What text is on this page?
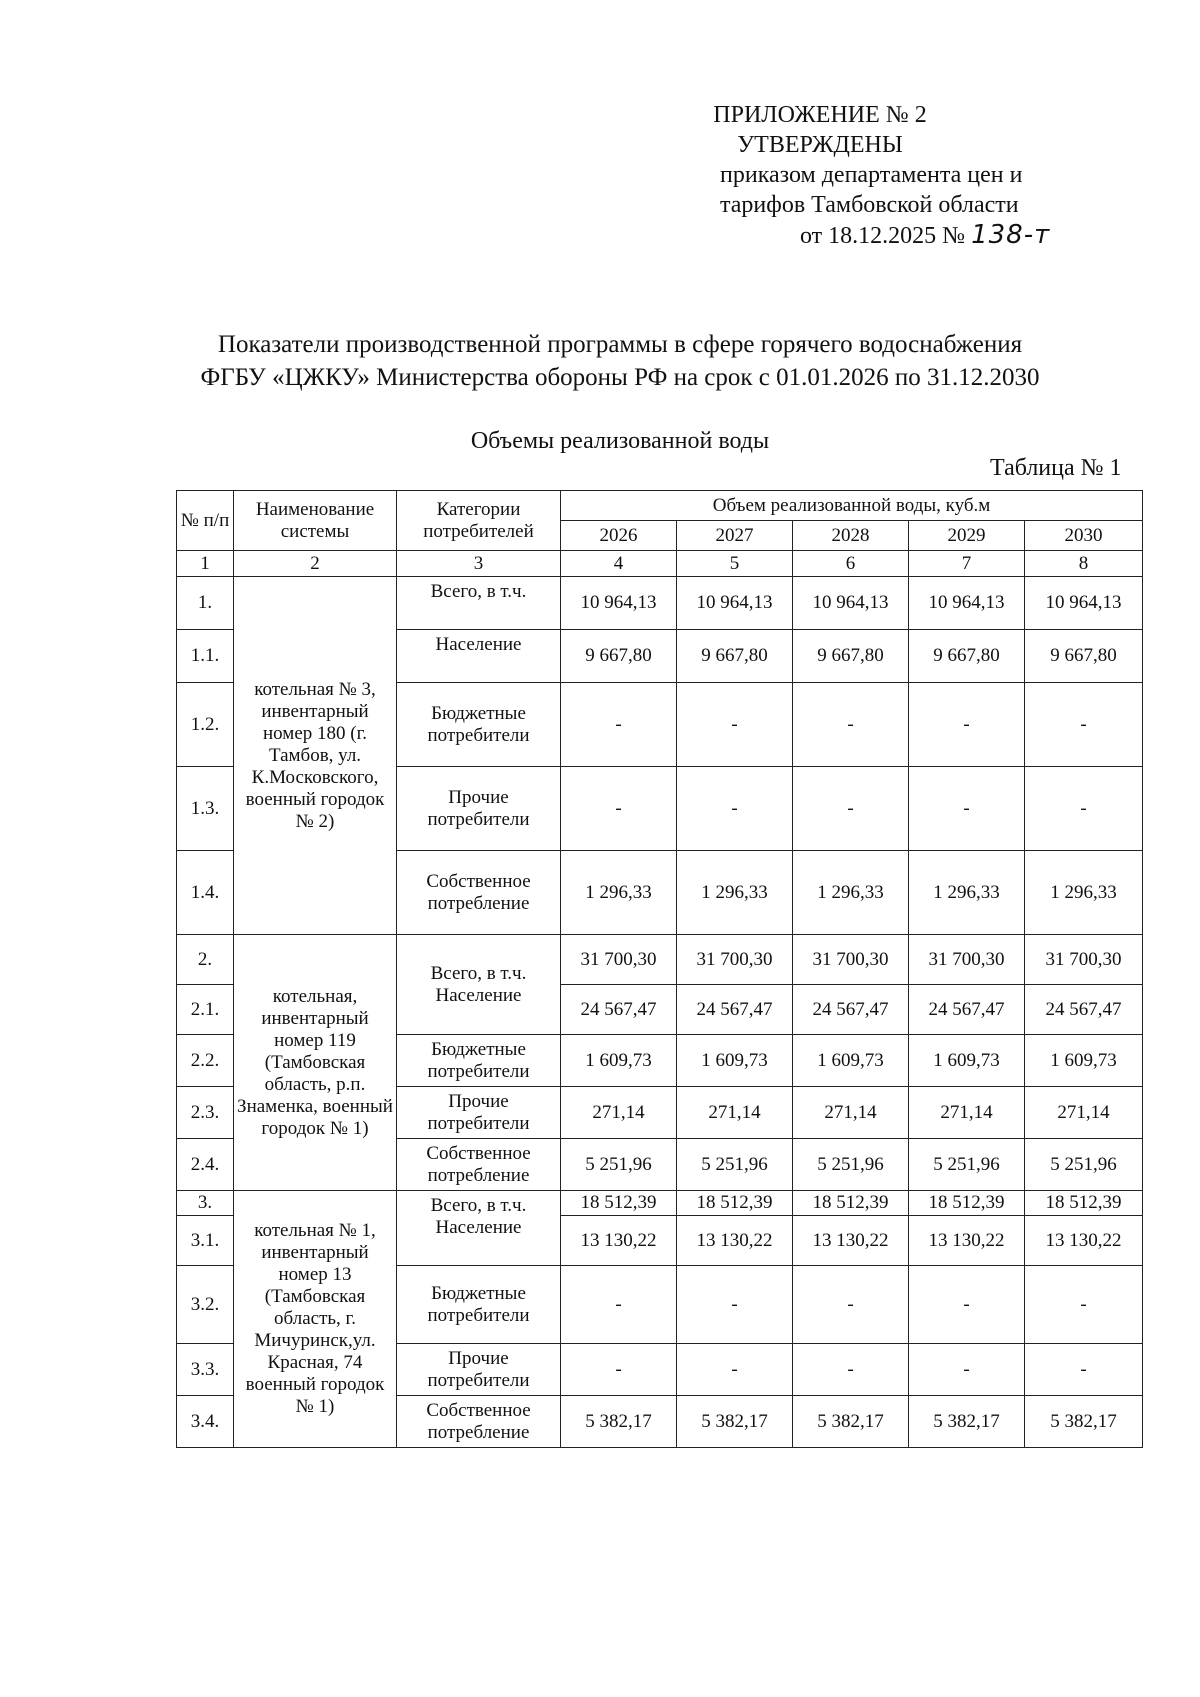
ПРИЛОЖЕНИЕ № 2
УТВЕРЖДЕНЫ
приказом департамента цен и
тарифов Тамбовской области
от 18.12.2025 № 138-т
Показатели производственной программы в сфере горячего водоснабжения
ФГБУ «ЦЖКУ» Министерства обороны РФ на срок с 01.01.2026 по 31.12.2030
Объемы реализованной воды
Таблица № 1
№ п/п	Наименование системы	Категории потребителей	Объем реализованной воды, куб.м				
			2026	2027	2028	2029	2030
1	2	3	4	5	6	7	8
1.	котельная № 3, инвентарный номер 180 (г. Тамбов, ул. К.Московского, военный городок № 2)	Всего, в т.ч.	10 964,13	10 964,13	10 964,13	10 964,13	10 964,13
1.1.		Население	9 667,80	9 667,80	9 667,80	9 667,80	9 667,80
1.2.		Бюджетные потребители	-	-	-	-	-
1.3.		Прочие потребители	-	-	-	-	-
1.4.		Собственное потребление	1 296,33	1 296,33	1 296,33	1 296,33	1 296,33
2.	котельная, инвентарный номер 119 (Тамбовская область, р.п. Знаменка, военный городок № 1)	Всего, в т.ч. Население	31 700,30	31 700,30	31 700,30	31 700,30	31 700,30
2.1.			24 567,47	24 567,47	24 567,47	24 567,47	24 567,47
2.2.		Бюджетные потребители	1 609,73	1 609,73	1 609,73	1 609,73	1 609,73
2.3.		Прочие потребители	271,14	271,14	271,14	271,14	271,14
2.4.		Собственное потребление	5 251,96	5 251,96	5 251,96	5 251,96	5 251,96
3.	котельная № 1, инвентарный номер 13 (Тамбовская область, г. Мичуринск,ул. Красная, 74 военный городок № 1)	Всего, в т.ч. Население	18 512,39	18 512,39	18 512,39	18 512,39	18 512,39
3.1.			13 130,22	13 130,22	13 130,22	13 130,22	13 130,22
3.2.		Бюджетные потребители	-	-	-	-	-
3.3.		Прочие потребители	-	-	-	-	-
3.4.		Собственное потребление	5 382,17	5 382,17	5 382,17	5 382,17	5 382,17
